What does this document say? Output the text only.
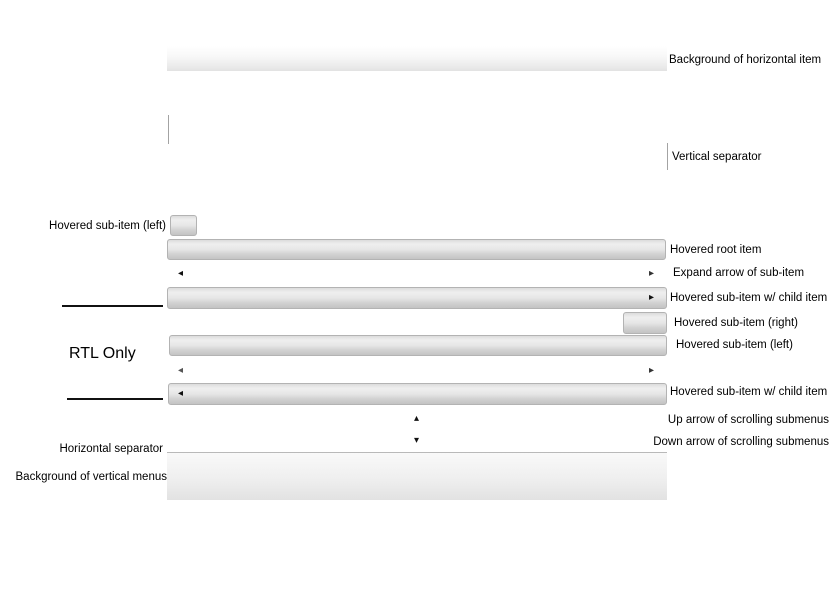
Background of horizontal item
Vertical separator
Hovered sub-item (left)
Hovered root item
◂	▸ Expand arrow of sub-item
▸ Hovered sub-item w/ child item
Hovered sub-item (right)
RTL Only	Hovered sub-item (left)
◂	▸
◂	Hovered sub-item w/ child item
▴	Up arrow of scrolling submenus
▾	Down arrow of scrolling submenus
Horizontal separator
Background of vertical menus
